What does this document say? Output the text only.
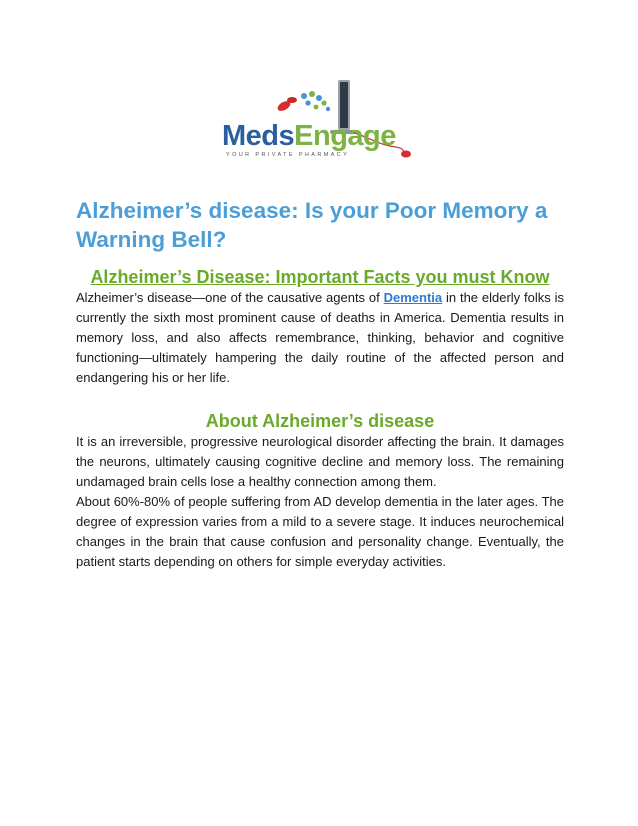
MedsEngage
YOUR PRIVATE PHARMACY
Alzheimer’s disease: Is your Poor Memory a Warning Bell?
Alzheimer’s Disease: Important Facts you must Know

Alzheimer’s disease—one of the causative agents of Dementia in the elderly folks is currently the sixth most prominent cause of deaths in America. Dementia results in memory loss, and also affects remembrance, thinking, behavior and cognitive functioning—ultimately hampering the daily routine of the affected person and endangering his or her life.

About Alzheimer’s disease

It is an irreversible, progressive neurological disorder affecting the brain. It damages the neurons, ultimately causing cognitive decline and memory loss. The remaining undamaged brain cells lose a healthy connection among them.

About 60%-80% of people suffering from AD develop dementia in the later ages. The degree of expression varies from a mild to a severe stage. It induces neurochemical changes in the brain that cause confusion and personality change. Eventually, the patient starts depending on others for simple everyday activities.
